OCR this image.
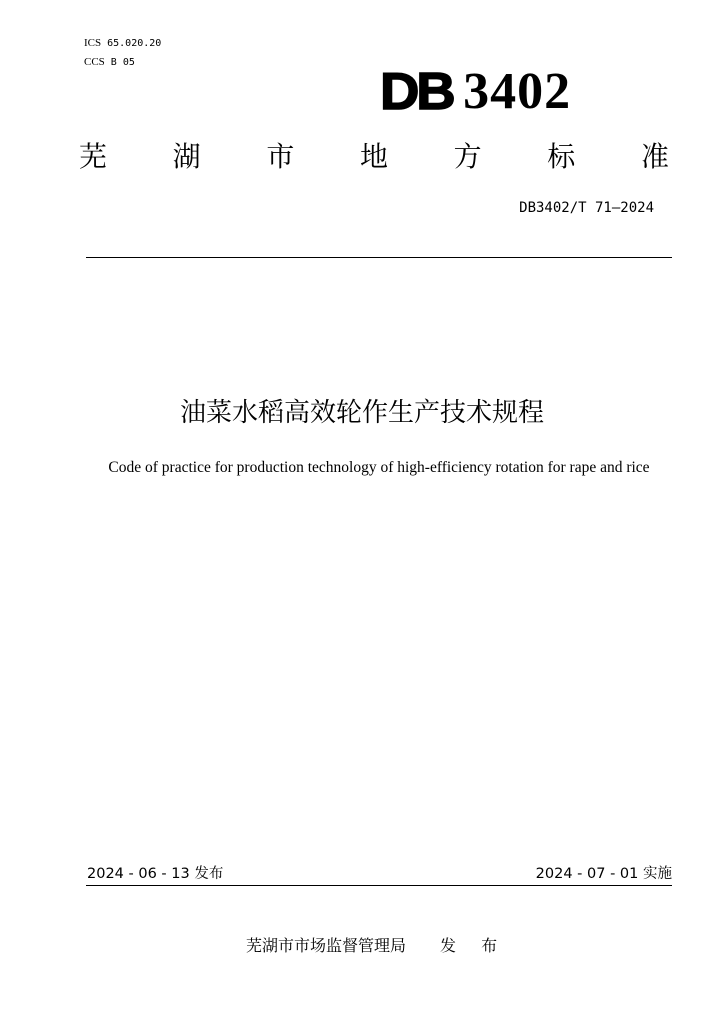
ICS 65.020.20
CCS B 05
DB 3402
芜 湖 市 地 方 标 准
DB3402/T 71—2024
油菜水稻高效轮作生产技术规程
Code of practice for production technology of high-efficiency rotation for rape and rice
2024 - 06 - 13 发布	2024 - 07 - 01 实施
芜湖市市场监督管理局 发 布
